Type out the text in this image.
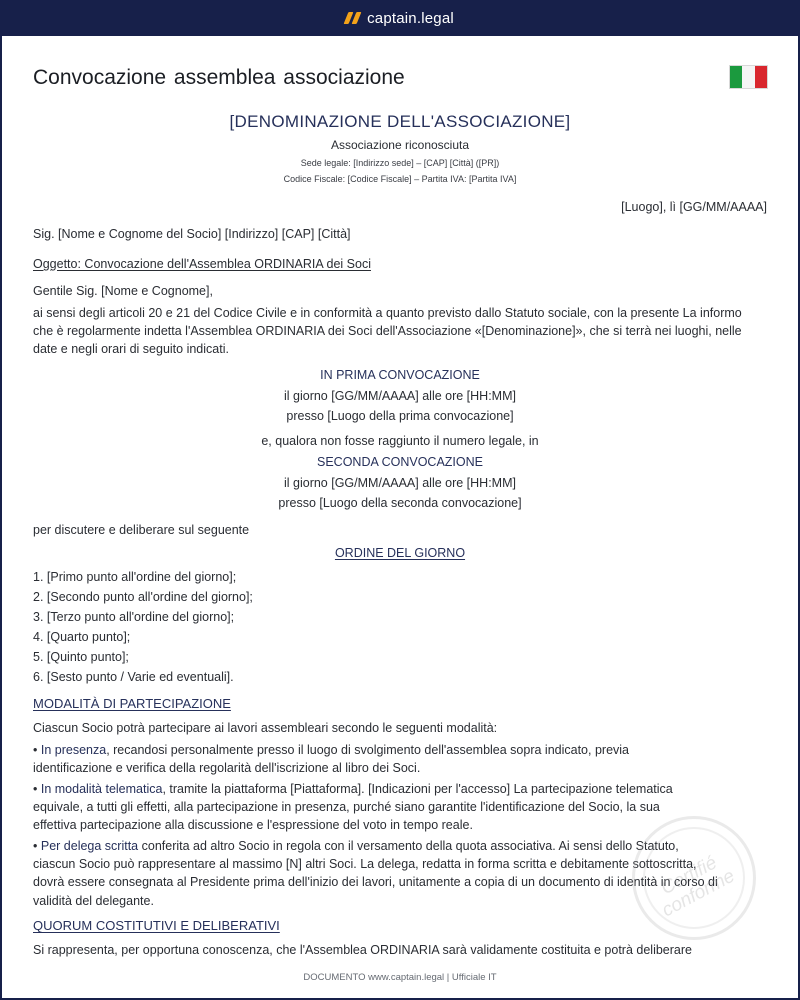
captain.legal
Convocazione assemblea associazione
[DENOMINAZIONE DELL'ASSOCIAZIONE]
Associazione riconosciuta
Sede legale: [Indirizzo sede] – [CAP] [Città] ([PR])
Codice Fiscale: [Codice Fiscale] – Partita IVA: [Partita IVA]
[Luogo], lì [GG/MM/AAAA]
Sig. [Nome e Cognome del Socio] [Indirizzo] [CAP] [Città]
Oggetto: Convocazione dell'Assemblea ORDINARIA dei Soci
Gentile Sig. [Nome e Cognome],
ai sensi degli articoli 20 e 21 del Codice Civile e in conformità a quanto previsto dallo Statuto sociale, con la presente La informo che è regolarmente indetta l'Assemblea ORDINARIA dei Soci dell'Associazione «[Denominazione]», che si terrà nei luoghi, nelle date e negli orari di seguito indicati.
IN PRIMA CONVOCAZIONE
il giorno [GG/MM/AAAA] alle ore [HH:MM]
presso [Luogo della prima convocazione]
e, qualora non fosse raggiunto il numero legale, in
SECONDA CONVOCAZIONE
il giorno [GG/MM/AAAA] alle ore [HH:MM]
presso [Luogo della seconda convocazione]
per discutere e deliberare sul seguente
ORDINE DEL GIORNO
1. [Primo punto all'ordine del giorno];
2. [Secondo punto all'ordine del giorno];
3. [Terzo punto all'ordine del giorno];
4. [Quarto punto];
5. [Quinto punto];
6. [Sesto punto / Varie ed eventuali].
MODALITÀ DI PARTECIPAZIONE
Ciascun Socio potrà partecipare ai lavori assembleari secondo le seguenti modalità:
• In presenza, recandosi personalmente presso il luogo di svolgimento dell'assemblea sopra indicato, previa identificazione e verifica della regolarità dell'iscrizione al libro dei Soci.
• In modalità telematica, tramite la piattaforma [Piattaforma]. [Indicazioni per l'accesso] La partecipazione telematica equivale, a tutti gli effetti, alla partecipazione in presenza, purché siano garantite l'identificazione del Socio, la sua effettiva partecipazione alla discussione e l'espressione del voto in tempo reale.
• Per delega scritta conferita ad altro Socio in regola con il versamento della quota associativa. Ai sensi dello Statuto, ciascun Socio può rappresentare al massimo [N] altri Soci. La delega, redatta in forma scritta e debitamente sottoscritta, dovrà essere consegnata al Presidente prima dell'inizio dei lavori, unitamente a copia di un documento di identità in corso di validità del delegante.
QUORUM COSTITUTIVI E DELIBERATIVI
Si rappresenta, per opportuna conoscenza, che l'Assemblea ORDINARIA sarà validamente costituita e potrà deliberare
Certifié conforme
DOCUMENTO www.captain.legal | Ufficiale IT
